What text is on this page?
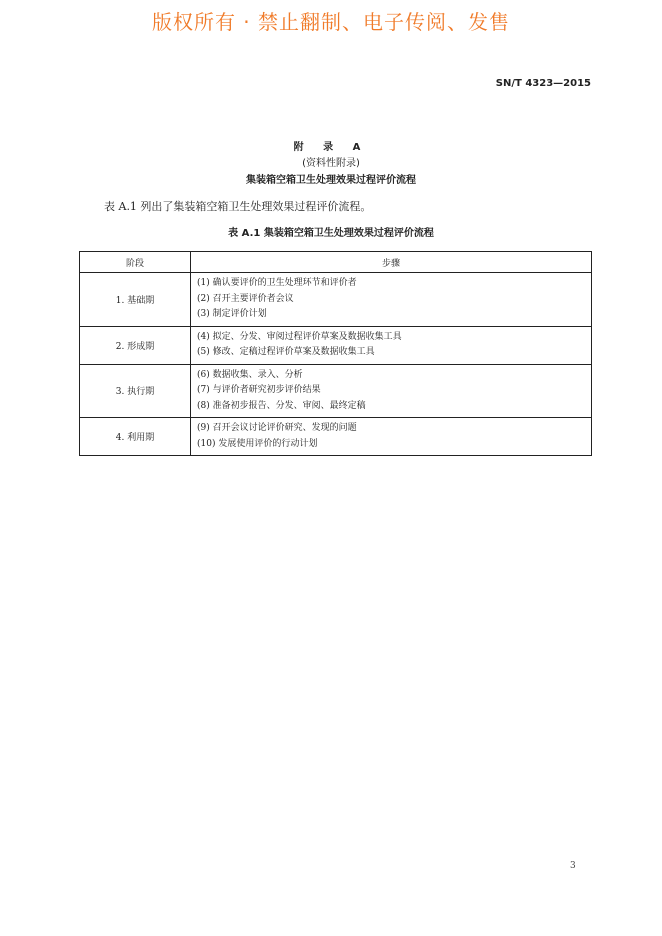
版权所有 · 禁止翻制、电子传阅、发售
SN/T 4323—2015
附 录 A
(资料性附录)
集装箱空箱卫生处理效果过程评价流程
表 A.1 列出了集装箱空箱卫生处理效果过程评价流程。
表 A.1 集装箱空箱卫生处理效果过程评价流程
阶段	步骤
1. 基础期	(1) 确认要评价的卫生处理环节和评价者
(2) 召开主要评价者会议
(3) 制定评价计划

2. 形成期	(4) 拟定、分发、审阅过程评价草案及数据收集工具
(5) 修改、定稿过程评价草案及数据收集工具

3. 执行期	(6) 数据收集、录入、分析
(7) 与评价者研究初步评价结果
(8) 准备初步报告、分发、审阅、最终定稿

4. 利用期	(9) 召开会议讨论评价研究、发现的问题
(10) 发展使用评价的行动计划
3
